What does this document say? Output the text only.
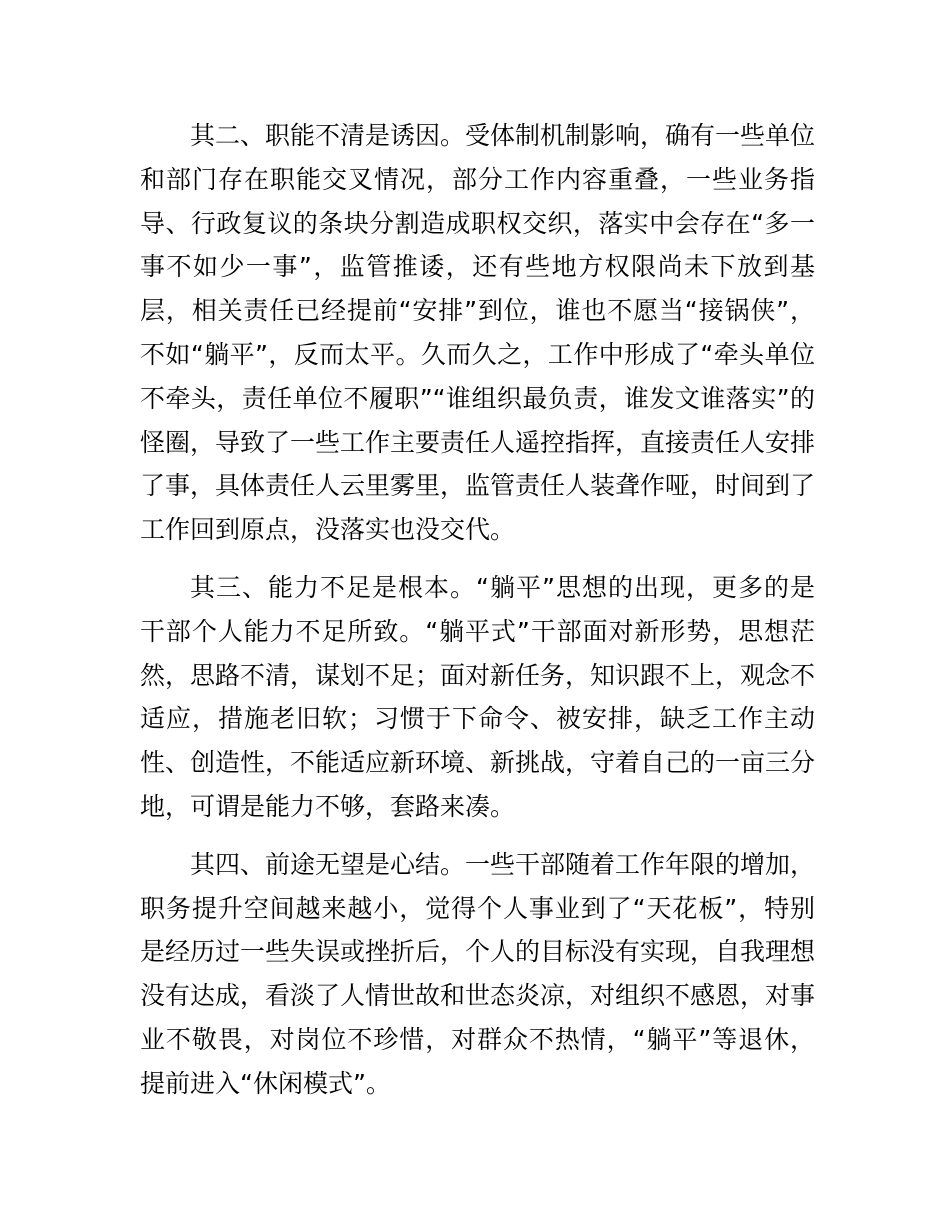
其二、职能不清是诱因。受体制机制影响，确有一些单位和部门存在职能交叉情况，部分工作内容重叠，一些业务指导、行政复议的条块分割造成职权交织，落实中会存在“多一事不如少一事”，监管推诿，还有些地方权限尚未下放到基层，相关责任已经提前“安排”到位，谁也不愿当“接锅侠”，不如“躺平”，反而太平。久而久之，工作中形成了“牵头单位不牵头，责任单位不履职”“谁组织最负责，谁发文谁落实”的怪圈，导致了一些工作主要责任人遥控指挥，直接责任人安排了事，具体责任人云里雾里，监管责任人装聋作哑，时间到了工作回到原点，没落实也没交代。

其三、能力不足是根本。“躺平”思想的出现，更多的是干部个人能力不足所致。“躺平式”干部面对新形势，思想茫然，思路不清，谋划不足；面对新任务，知识跟不上，观念不适应，措施老旧软；习惯于下命令、被安排，缺乏工作主动性、创造性，不能适应新环境、新挑战，守着自己的一亩三分地，可谓是能力不够，套路来凑。

其四、前途无望是心结。一些干部随着工作年限的增加，职务提升空间越来越小，觉得个人事业到了“天花板”，特别是经历过一些失误或挫折后，个人的目标没有实现，自我理想没有达成，看淡了人情世故和世态炎凉，对组织不感恩，对事业不敬畏，对岗位不珍惜，对群众不热情，“躺平”等退休，提前进入“休闲模式”。
